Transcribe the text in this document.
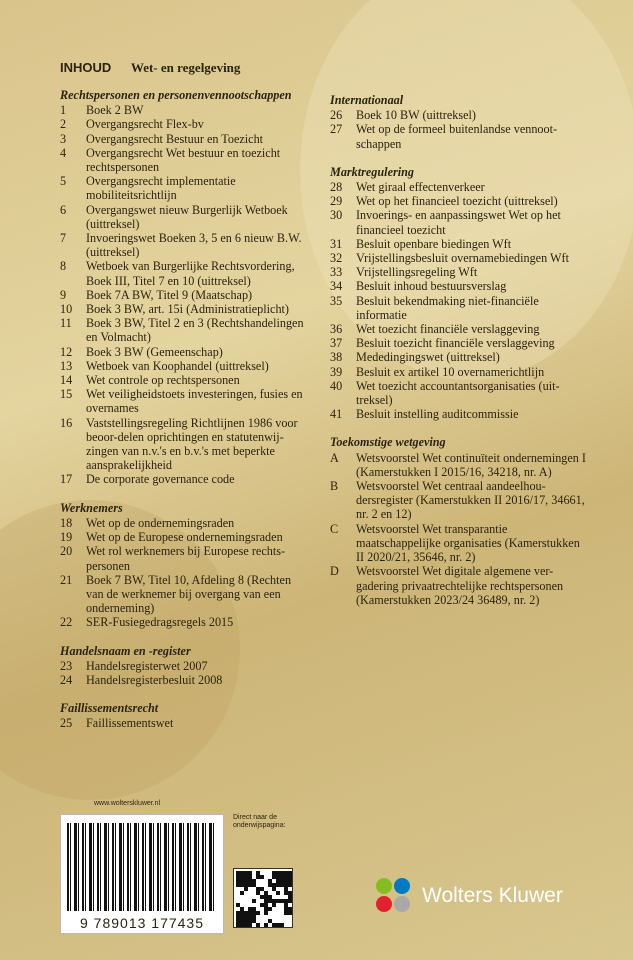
INHOUD Wet- en regelgeving
Rechtspersonen en personenvennootschappen
1	Boek 2 BW
2	Overgangsrecht Flex-bv
3	Overgangsrecht Bestuur en Toezicht
4	Overgangsrecht Wet bestuur en toezicht rechtspersonen
5	Overgangsrecht implementatie mobiliteitsrichtlijn
6	Overgangswet nieuw Burgerlijk Wetboek (uittreksel)
7	Invoeringswet Boeken 3, 5 en 6 nieuw B.W. (uittreksel)
8	Wetboek van Burgerlijke Rechtsvordering, Boek III, Titel 7 en 10 (uittreksel)
9	Boek 7A BW, Titel 9 (Maatschap)
10	Boek 3 BW, art. 15i (Administratieplicht)
11	Boek 3 BW, Titel 2 en 3 (Rechtshandelingen en Volmacht)
12	Boek 3 BW (Gemeenschap)
13	Wetboek van Koophandel (uittreksel)
14	Wet controle op rechtspersonen
15	Wet veiligheidstoets investeringen, fusies en overnames
16	Vaststellingsregeling Richtlijnen 1986 voor beoor-delen oprichtingen en statutenwij-zingen van n.v.'s en b.v.'s met beperkte aansprakelijkheid
17	De corporate governance code
Werknemers
18	Wet op de ondernemingsraden
19	Wet op de Europese ondernemingsraden
20	Wet rol werknemers bij Europese rechts-personen
21	Boek 7 BW, Titel 10, Afdeling 8 (Rechten van de werknemer bij overgang van een onderneming)
22	SER-Fusiegedragsregels 2015
Handelsnaam en -register
23	Handelsregisterwet 2007
24	Handelsregisterbesluit 2008
Faillissementsrecht
25	Faillissementswet
Internationaal
26	Boek 10 BW (uittreksel)
27	Wet op de formeel buitenlandse vennoot-schappen
Marktregulering
28	Wet giraal effectenverkeer
29	Wet op het financieel toezicht (uittreksel)
30	Invoerings- en aanpassingswet Wet op het financieel toezicht
31	Besluit openbare biedingen Wft
32	Vrijstellingsbesluit overnamebiedingen Wft
33	Vrijstellingsregeling Wft
34	Besluit inhoud bestuursverslag
35	Besluit bekendmaking niet-financiële informatie
36	Wet toezicht financiële verslaggeving
37	Besluit toezicht financiële verslaggeving
38	Mededingingswet (uittreksel)
39	Besluit ex artikel 10 overnamerichtlijn
40	Wet toezicht accountantsorganisaties (uit-treksel)
41	Besluit instelling auditcommissie
Toekomstige wetgeving
A	Wetsvoorstel Wet continuïteit ondernemingen I (Kamerstukken I 2015/16, 34218, nr. A)
B	Wetsvoorstel Wet centraal aandeelhou-dersregister (Kamerstukken II 2016/17, 34661, nr. 2 en 12)
C	Wetsvoorstel Wet transparantie maatschappelijke organisaties (Kamerstukken II 2020/21, 35646, nr. 2)
D	Wetsvoorstel Wet digitale algemene ver-gadering privaatrechtelijke rechtspersonen (Kamerstukken 2023/24 36489, nr. 2)
www.wolterskluwer.nl
9 789013 177435
Direct naar de onderwijspagina:
Wolters Kluwer
